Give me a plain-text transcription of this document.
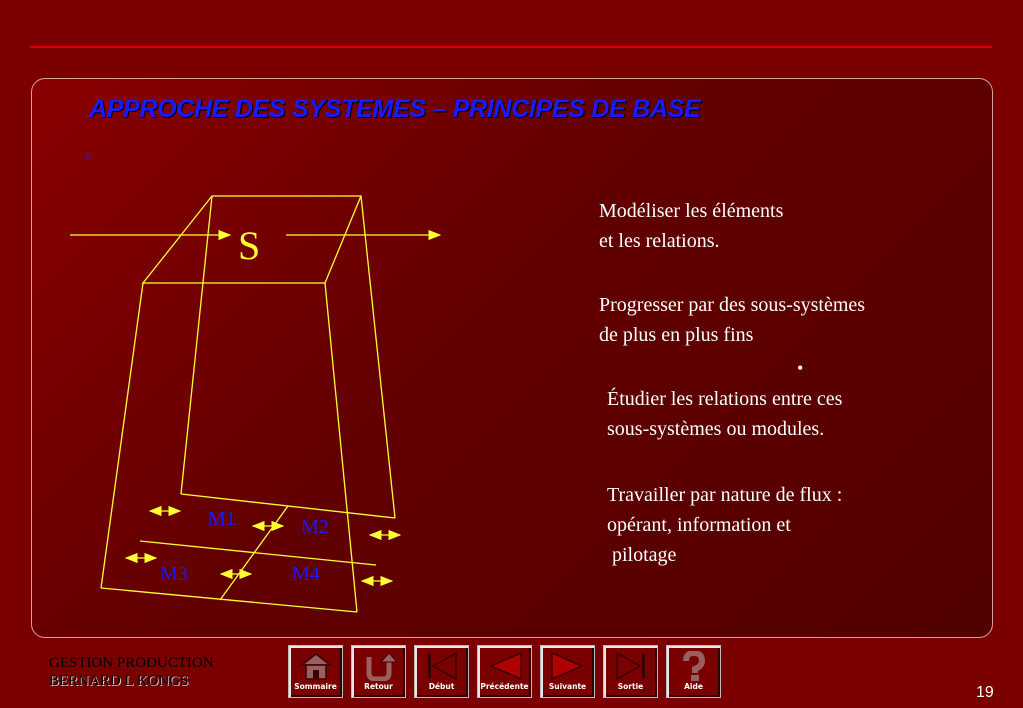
APPROCHE DES SYSTEMES – PRINCIPES DE BASE
s
S
M1	M2
M3	M4
Modéliser les éléments
et les relations.
Progresser par des sous-systèmes
de plus en plus fins
•
Étudier les relations entre ces
sous-systèmes ou modules.
Travailler par nature de flux :
opérant, information et
pilotage
GESTION PRODUCTION
BERNARD L KONGS	Sommaire	Retour	Début	Précédente	Suivante	Sortie	Aide	19
